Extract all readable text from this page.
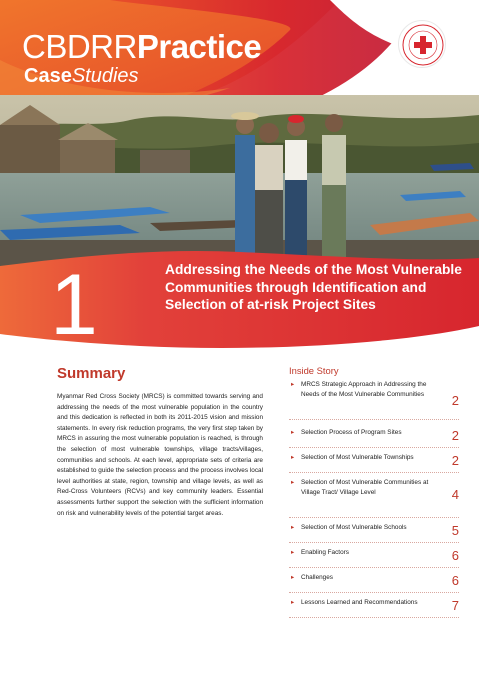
CBDRRPractice
CaseStudies
1	Addressing the Needs of the Most Vulnerable Communities through Identification and Selection of at-risk Project Sites
Summary
Myanmar Red Cross Society (MRCS) is committed towards serving and addressing the needs of the most vulnerable population in the country and this dedication is reflected in both its 2011-2015 vision and mission statements. In every risk reduction programs, the very first step taken by MRCS in assuring the most vulnerable population is reached, is through the selection of most vulnerable townships, village tracts/villages, communities and schools. At each level, appropriate sets of criteria are established to guide the selection process and the process involves local level authorities at state, region, township and village levels, as well as Red-Cross Volunteers (RCVs) and key community leaders. Essential assessments further support the selection with the sufficient information on risk and vulnerability levels of the potential target areas.
Inside Story
▸ MRCS Strategic Approach in Addressing the Needs of the Most Vulnerable Communities 2
▸ Selection Process of Program Sites	2
▸ Selection of Most Vulnerable Townships	2
▸ Selection of Most Vulnerable Communities at Village Tract/ Village Level	4
▸ Selection of Most Vulnerable Schools	5
▸ Enabling Factors	6
▸ Challenges	6
▸ Lessons Learned and Recommendations	7
